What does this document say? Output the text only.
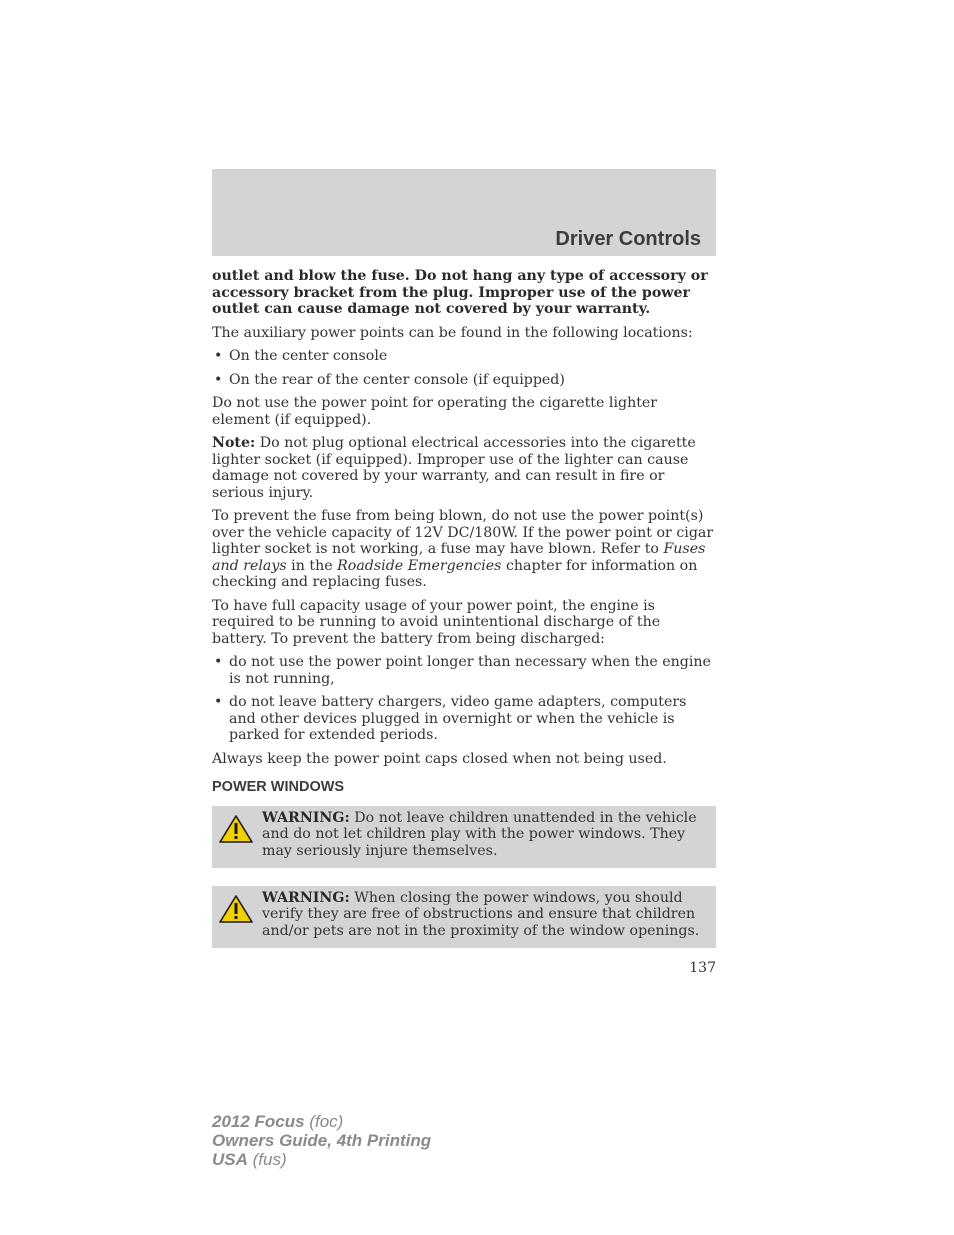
Driver Controls

outlet and blow the fuse. Do not hang any type of accessory or accessory bracket from the plug. Improper use of the power outlet can cause damage not covered by your warranty.

The auxiliary power points can be found in the following locations:

• On the center console
• On the rear of the center console (if equipped)

Do not use the power point for operating the cigarette lighter element (if equipped).

Note: Do not plug optional electrical accessories into the cigarette lighter socket (if equipped). Improper use of the lighter can cause damage not covered by your warranty, and can result in fire or serious injury.

To prevent the fuse from being blown, do not use the power point(s) over the vehicle capacity of 12V DC/180W. If the power point or cigar lighter socket is not working, a fuse may have blown. Refer to Fuses and relays in the Roadside Emergencies chapter for information on checking and replacing fuses.

To have full capacity usage of your power point, the engine is required to be running to avoid unintentional discharge of the battery. To prevent the battery from being discharged:

• do not use the power point longer than necessary when the engine is not running,
• do not leave battery chargers, video game adapters, computers and other devices plugged in overnight or when the vehicle is parked for extended periods.

Always keep the power point caps closed when not being used.

POWER WINDOWS
WARNING: Do not leave children unattended in the vehicle and do not let children play with the power windows. They may seriously injure themselves.
WARNING: When closing the power windows, you should verify they are free of obstructions and ensure that children and/or pets are not in the proximity of the window openings.
137
2012 Focus (foc)
Owners Guide, 4th Printing
USA (fus)
